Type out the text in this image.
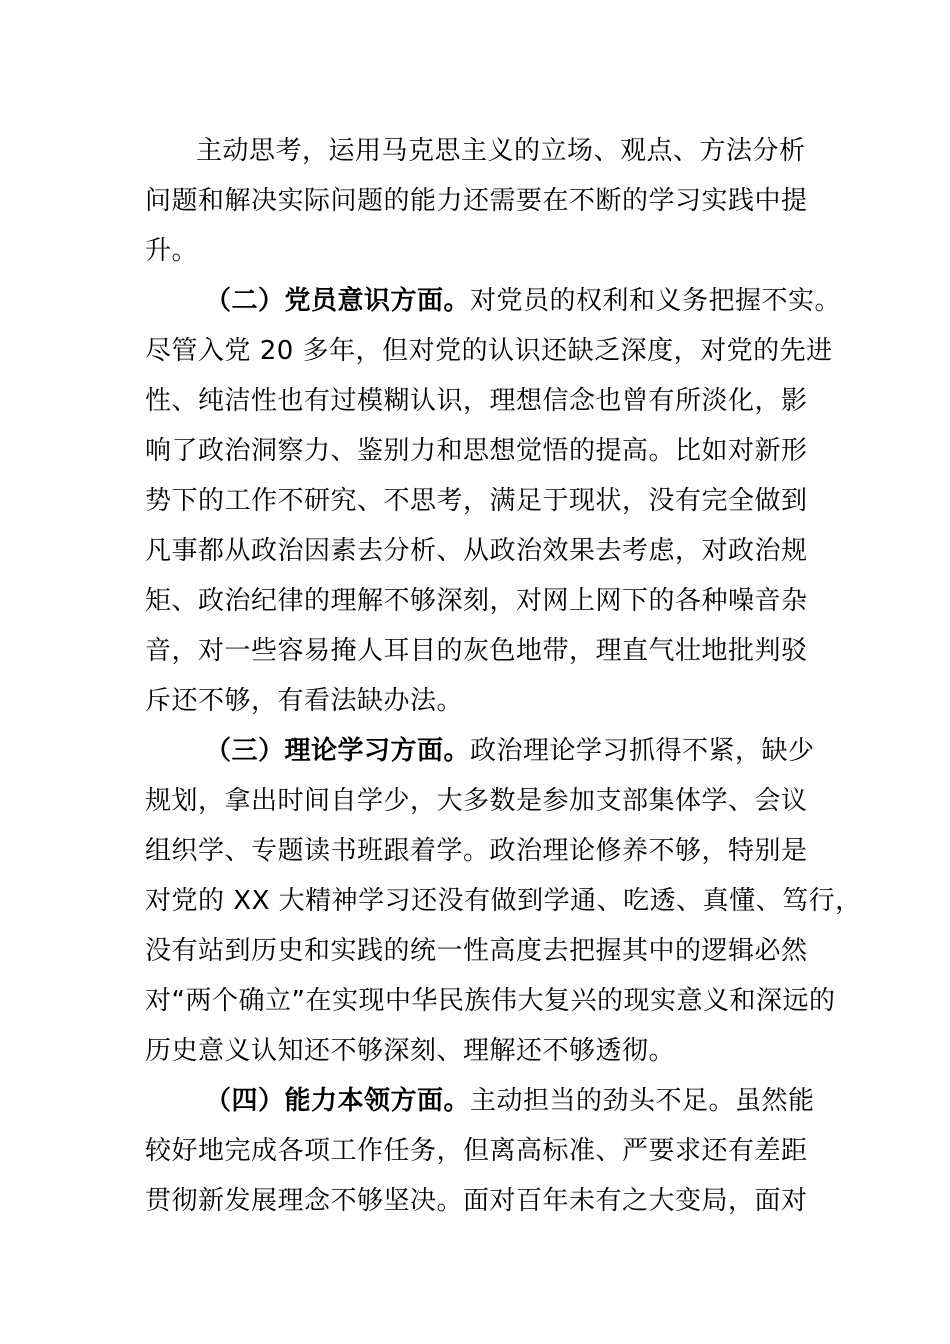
主动思考，运用马克思主义的立场、观点、方法分析
问题和解决实际问题的能力还需要在不断的学习实践中提
升。
（二）党员意识方面。对党员的权利和义务把握不实。
尽管入党 20 多年，但对党的认识还缺乏深度，对党的先进
性、纯洁性也有过模糊认识，理想信念也曾有所淡化，影
响了政治洞察力、鉴别力和思想觉悟的提高。比如对新形
势下的工作不研究、不思考，满足于现状，没有完全做到
凡事都从政治因素去分析、从政治效果去考虑，对政治规
矩、政治纪律的理解不够深刻，对网上网下的各种噪音杂
音，对一些容易掩人耳目的灰色地带，理直气壮地批判驳
斥还不够，有看法缺办法。
（三）理论学习方面。政治理论学习抓得不紧，缺少
规划，拿出时间自学少，大多数是参加支部集体学、会议
组织学、专题读书班跟着学。政治理论修养不够，特别是
对党的 XX 大精神学习还没有做到学通、吃透、真懂、笃行，
没有站到历史和实践的统一性高度去把握其中的逻辑必然
对“两个确立”在实现中华民族伟大复兴的现实意义和深远的
历史意义认知还不够深刻、理解还不够透彻。
（四）能力本领方面。主动担当的劲头不足。虽然能
较好地完成各项工作任务，但离高标准、严要求还有差距
贯彻新发展理念不够坚决。面对百年未有之大变局，面对
